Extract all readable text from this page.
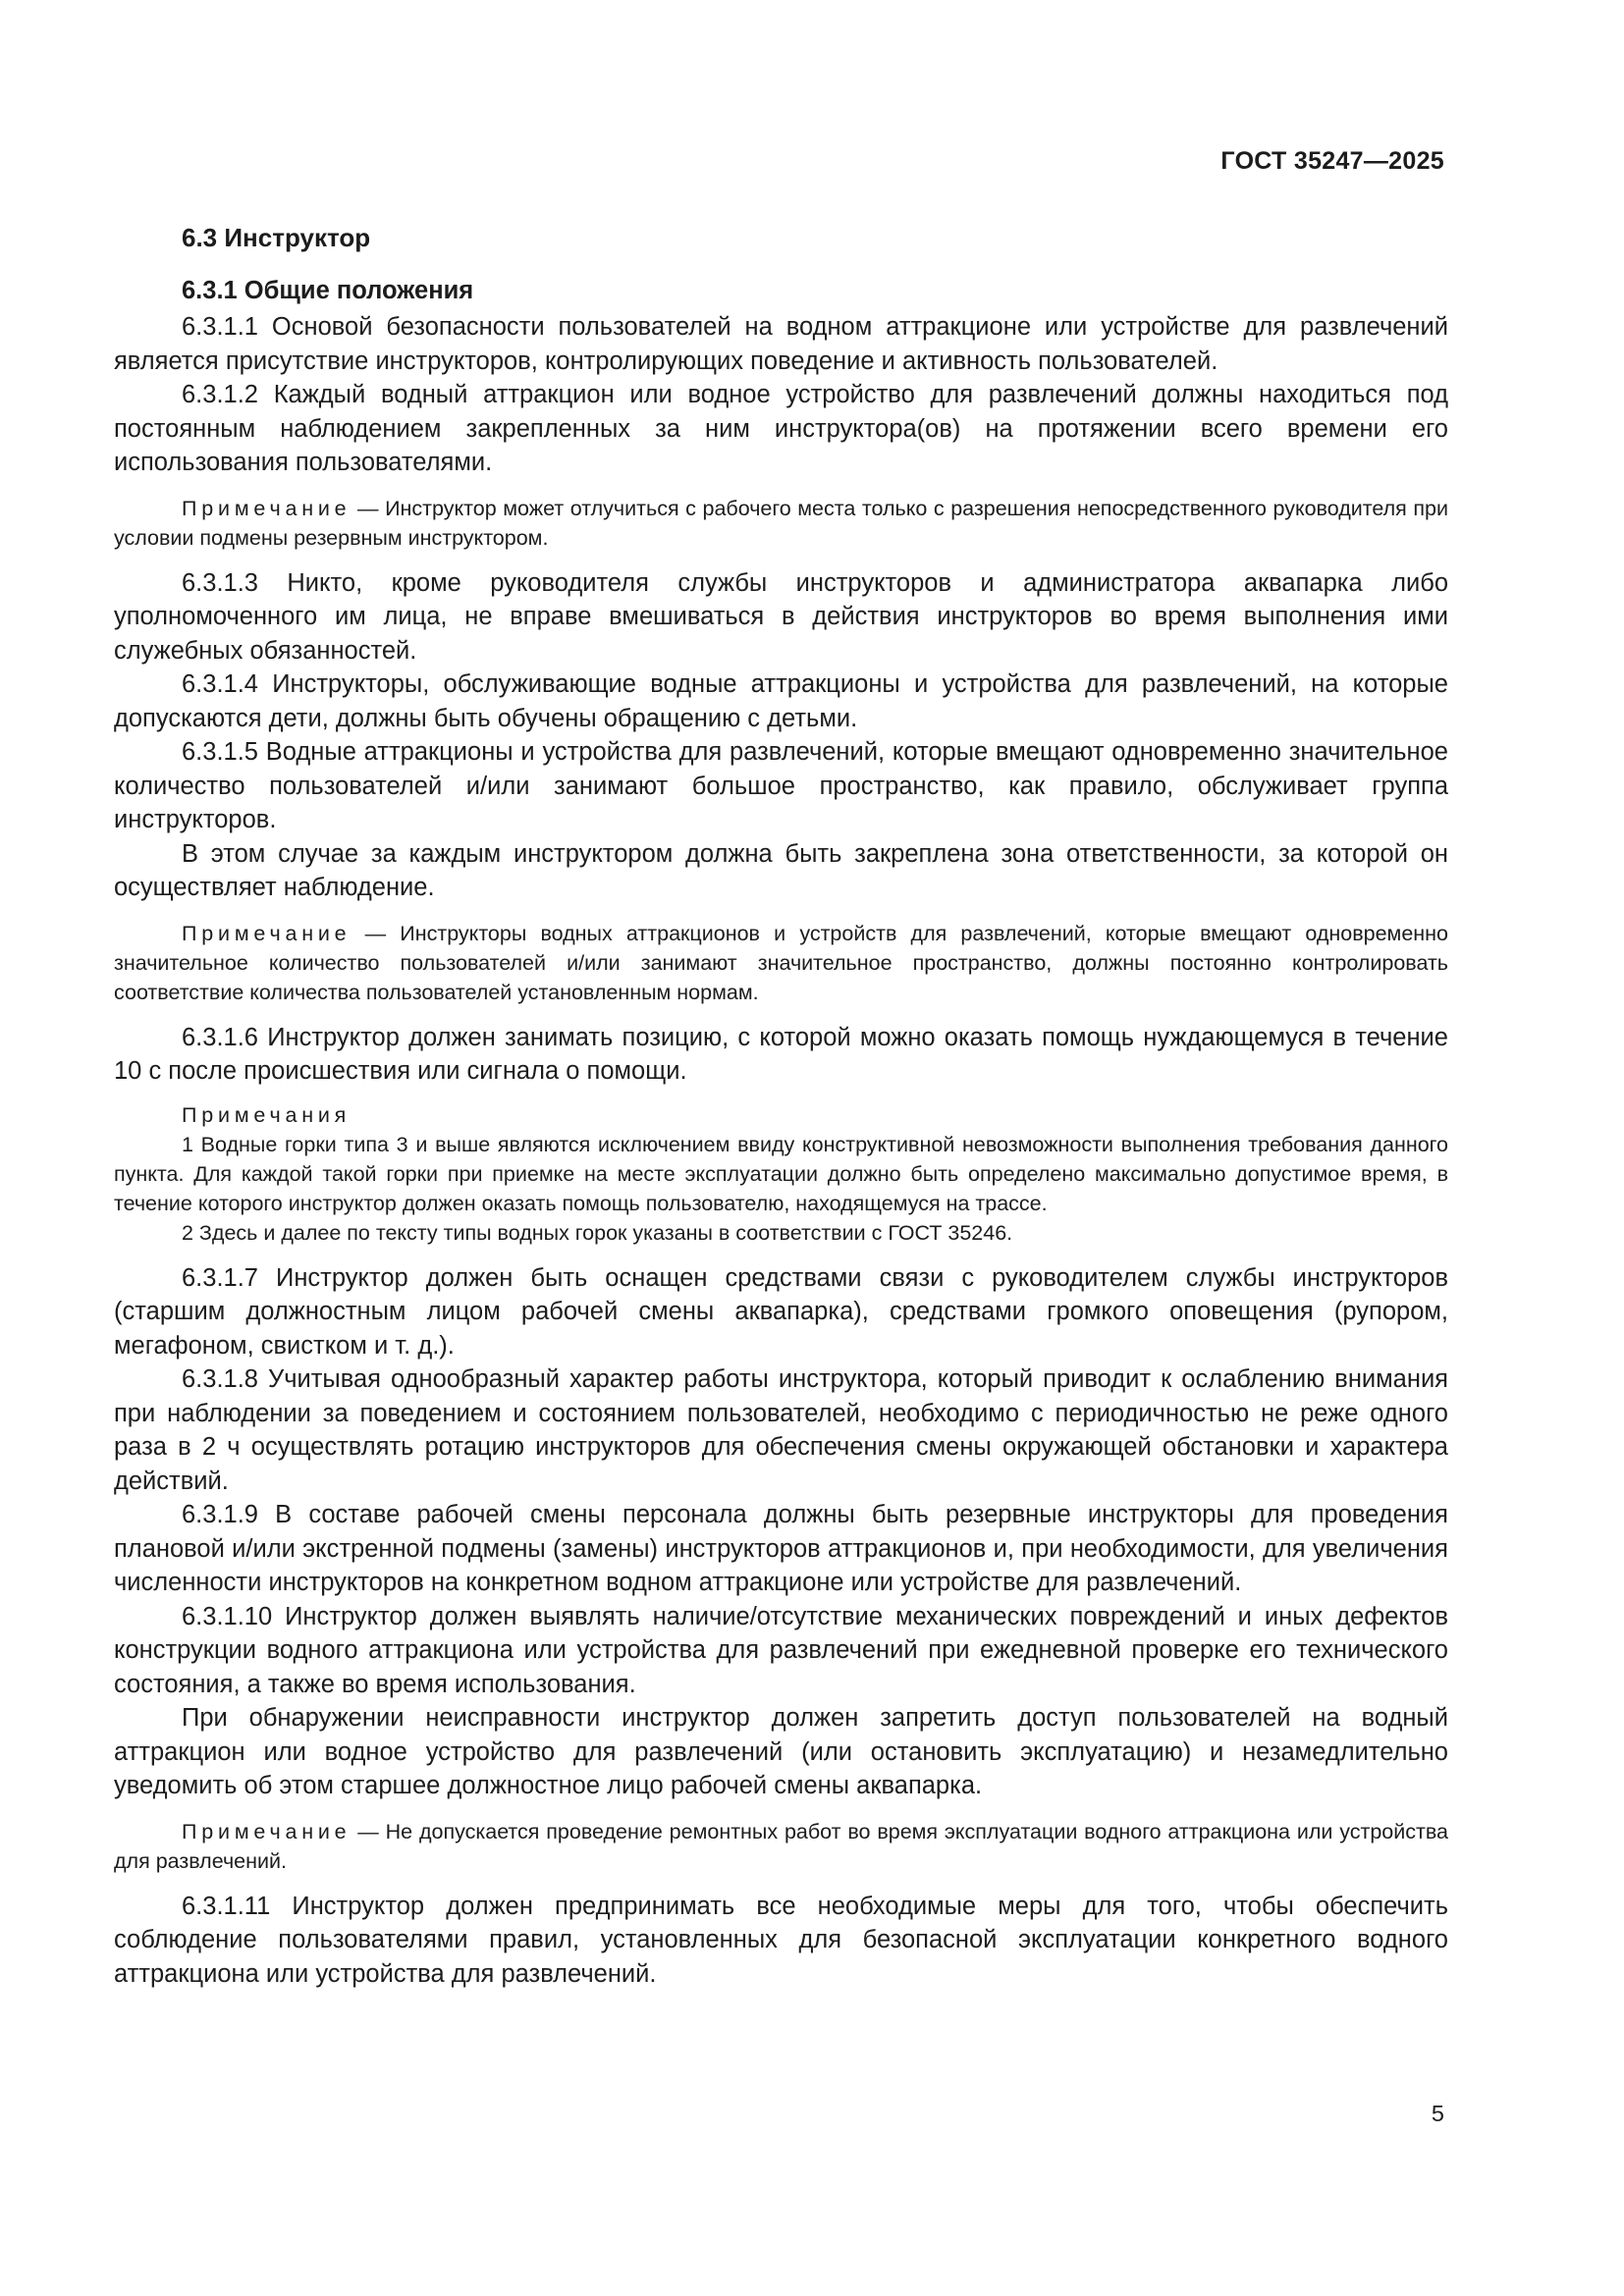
ГОСТ 35247—2025
6.3 Инструктор
6.3.1 Общие положения

6.3.1.1 Основой безопасности пользователей на водном аттракционе или устройстве для развлечений является присутствие инструкторов, контролирующих поведение и активность пользователей.

6.3.1.2 Каждый водный аттракцион или водное устройство для развлечений должны находиться под постоянным наблюдением закрепленных за ним инструктора(ов) на протяжении всего времени его использования пользователями.

Примечание — Инструктор может отлучиться с рабочего места только с разрешения непосредственного руководителя при условии подмены резервным инструктором.

6.3.1.3 Никто, кроме руководителя службы инструкторов и администратора аквапарка либо уполномоченного им лица, не вправе вмешиваться в действия инструкторов во время выполнения ими служебных обязанностей.

6.3.1.4 Инструкторы, обслуживающие водные аттракционы и устройства для развлечений, на которые допускаются дети, должны быть обучены обращению с детьми.

6.3.1.5 Водные аттракционы и устройства для развлечений, которые вмещают одновременно значительное количество пользователей и/или занимают большое пространство, как правило, обслуживает группа инструкторов.

В этом случае за каждым инструктором должна быть закреплена зона ответственности, за которой он осуществляет наблюдение.

Примечание — Инструкторы водных аттракционов и устройств для развлечений, которые вмещают одновременно значительное количество пользователей и/или занимают значительное пространство, должны постоянно контролировать соответствие количества пользователей установленным нормам.

6.3.1.6 Инструктор должен занимать позицию, с которой можно оказать помощь нуждающемуся в течение 10 с после происшествия или сигнала о помощи.

Примечания
1 Водные горки типа 3 и выше являются исключением ввиду конструктивной невозможности выполнения требования данного пункта. Для каждой такой горки при приемке на месте эксплуатации должно быть определено максимально допустимое время, в течение которого инструктор должен оказать помощь пользователю, находящемуся на трассе.
2 Здесь и далее по тексту типы водных горок указаны в соответствии с ГОСТ 35246.

6.3.1.7 Инструктор должен быть оснащен средствами связи с руководителем службы инструкторов (старшим должностным лицом рабочей смены аквапарка), средствами громкого оповещения (рупором, мегафоном, свистком и т. д.).

6.3.1.8 Учитывая однообразный характер работы инструктора, который приводит к ослаблению внимания при наблюдении за поведением и состоянием пользователей, необходимо с периодичностью не реже одного раза в 2 ч осуществлять ротацию инструкторов для обеспечения смены окружающей обстановки и характера действий.

6.3.1.9 В составе рабочей смены персонала должны быть резервные инструкторы для проведения плановой и/или экстренной подмены (замены) инструкторов аттракционов и, при необходимости, для увеличения численности инструкторов на конкретном водном аттракционе или устройстве для развлечений.

6.3.1.10 Инструктор должен выявлять наличие/отсутствие механических повреждений и иных дефектов конструкции водного аттракциона или устройства для развлечений при ежедневной проверке его технического состояния, а также во время использования.

При обнаружении неисправности инструктор должен запретить доступ пользователей на водный аттракцион или водное устройство для развлечений (или остановить эксплуатацию) и незамедлительно уведомить об этом старшее должностное лицо рабочей смены аквапарка.

Примечание — Не допускается проведение ремонтных работ во время эксплуатации водного аттракциона или устройства для развлечений.

6.3.1.11 Инструктор должен предпринимать все необходимые меры для того, чтобы обеспечить соблюдение пользователями правил, установленных для безопасной эксплуатации конкретного водного аттракциона или устройства для развлечений.

5
